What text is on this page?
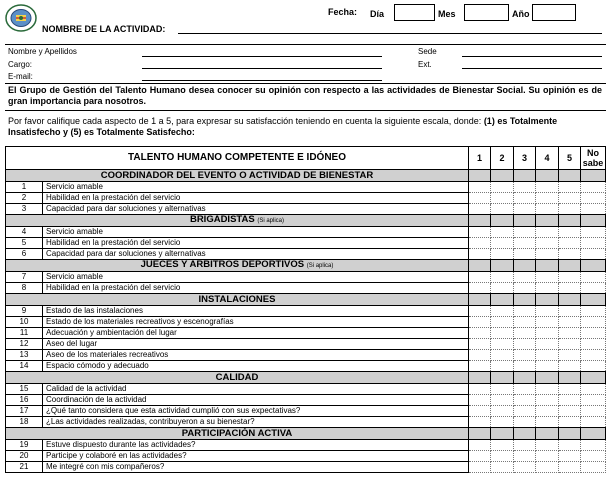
NOMBRE DE LA ACTIVIDAD:
Fecha: Día	Mes	Año
Nombre y Apellidos
Cargo:
E-mail:
Sede
Ext.
El Grupo de Gestión del Talento Humano desea conocer su opinión con respecto a las actividades de Bienestar Social. Su opinión es de gran importancia para nosotros.
Por favor califique cada aspecto de 1 a 5, para expresar su satisfacción teniendo en cuenta la siguiente escala, donde: (1) es Totalmente Insatisfecho y (5) es Totalmente Satisfecho:
TALENTO HUMANO COMPETENTE E IDÓNEO		1	2	3	4	5	No sabe
COORDINADOR DEL EVENTO O ACTIVIDAD DE BIENESTAR							
1	Servicio amable						
2	Habilidad en la prestación del servicio						
3	Capacidad para dar soluciones y alternativas						
BRIGADISTAS (Si aplica)							
4	Servicio amable						
5	Habilidad en la prestación del servicio						
6	Capacidad para dar soluciones y alternativas						
JUECES Y ARBITROS DEPORTIVOS (Si aplica)							
7	Servicio amable						
8	Habilidad en la prestación del servicio						
INSTALACIONES							
9	Estado de las instalaciones						
10	Estado de los materiales recreativos y escenografías						
11	Adecuación y ambientación del lugar						
12	Aseo del lugar						
13	Aseo de los materiales recreativos						
14	Espacio cómodo y adecuado						
CALIDAD							
15	Calidad de la actividad						
16	Coordinación de la actividad						
17	¿Qué tanto considera que esta actividad cumplió con sus expectativas?						
18	¿Las actividades realizadas, contribuyeron a su bienestar?						
PARTICIPACIÓN ACTIVA							
19	Estuve dispuesto durante las actividades?						
20	Participe y colaboré en las actividades?						
21	Me integré con mis compañeros?						
